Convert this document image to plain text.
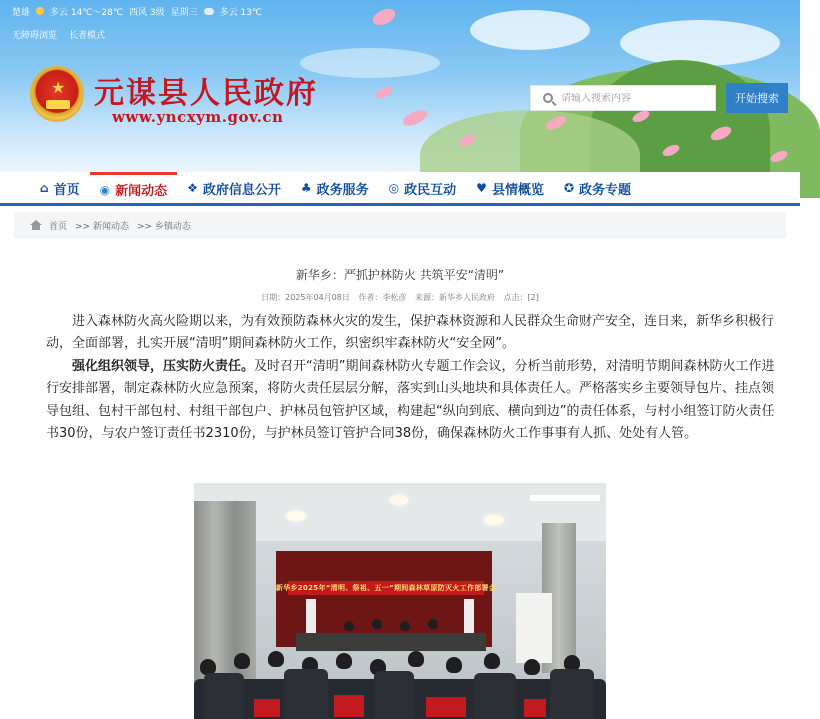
楚雄 多云 14℃～28℃ 西风 3级 星期三 多云 13℃
无障碍浏览 长者模式
★ 元谋县人民政府
www.yncxym.gov.cn
请输入搜索内容
开始搜索
⌂ 首页 ◉ 新闻动态 ❖ 政府信息公开 ♣ 政务服务 ◎ 政民互动 ♥ 县情概览 ✪ 政务专题
首页 >> 新闻动态 >> 乡镇动态
新华乡：严抓护林防火 共筑平安“清明”
日期：2025年04月08日 作者：李松彦 来源：新华乡人民政府 点击：[2]

进入森林防火高火险期以来，为有效预防森林火灾的发生，保护森林资源和人民群众生命财产安全，连日来，新华乡积极行动，全面部署，扎实开展“清明”期间森林防火工作，织密织牢森林防火“安全网”。

强化组织领导，压实防火责任。及时召开“清明”期间森林防火专题工作会议，分析当前形势，对清明节期间森林防火工作进行安排部署，制定森林防火应急预案，将防火责任层层分解，落实到山头地块和具体责任人。严格落实乡主要领导包片、挂点领导包组、包村干部包村、村组干部包户、护林员包管护区域，构建起“纵向到底、横向到边”的责任体系，与村小组签订防火责任书30份，与农户签订责任书2310份，与护林员签订管护合同38份，确保森林防火工作事事有人抓、处处有人管。

新华乡2025年“清明、祭祖、五一”期间森林草原防灭火工作部署会
